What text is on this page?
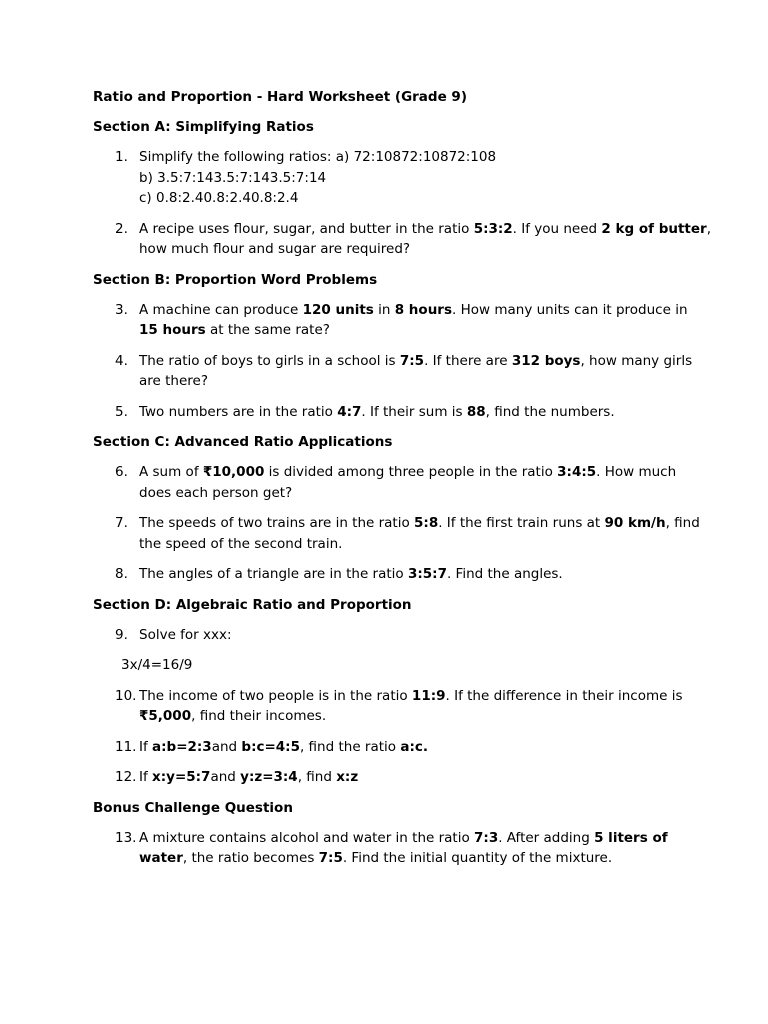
Ratio and Proportion - Hard Worksheet (Grade 9)

Section A: Simplifying Ratios

1. Simplify the following ratios: a) 72:10872:10872:108
b) 3.5:7:143.5:7:143.5:7:14
c) 0.8:2.40.8:2.40.8:2.4
2. A recipe uses flour, sugar, and butter in the ratio 5:3:2. If you need 2 kg of butter,
how much flour and sugar are required?

Section B: Proportion Word Problems

3. A machine can produce 120 units in 8 hours. How many units can it produce in
15 hours at the same rate?
4. The ratio of boys to girls in a school is 7:5. If there are 312 boys, how many girls
are there?
5. Two numbers are in the ratio 4:7. If their sum is 88, find the numbers.

Section C: Advanced Ratio Applications

6. A sum of ₹10,000 is divided among three people in the ratio 3:4:5. How much
does each person get?
7. The speeds of two trains are in the ratio 5:8. If the first train runs at 90 km/h, find
the speed of the second train.
8. The angles of a triangle are in the ratio 3:5:7. Find the angles.

Section D: Algebraic Ratio and Proportion

9. Solve for xxx:
3x/4=16/9
10. The income of two people is in the ratio 11:9. If the difference in their income is
₹5,000, find their incomes.
11. If a:b=2:3and b:c=4:5, find the ratio a:c.
12. If x:y=5:7and y:z=3:4, find x:z

Bonus Challenge Question

13. A mixture contains alcohol and water in the ratio 7:3. After adding 5 liters of
water, the ratio becomes 7:5. Find the initial quantity of the mixture.
